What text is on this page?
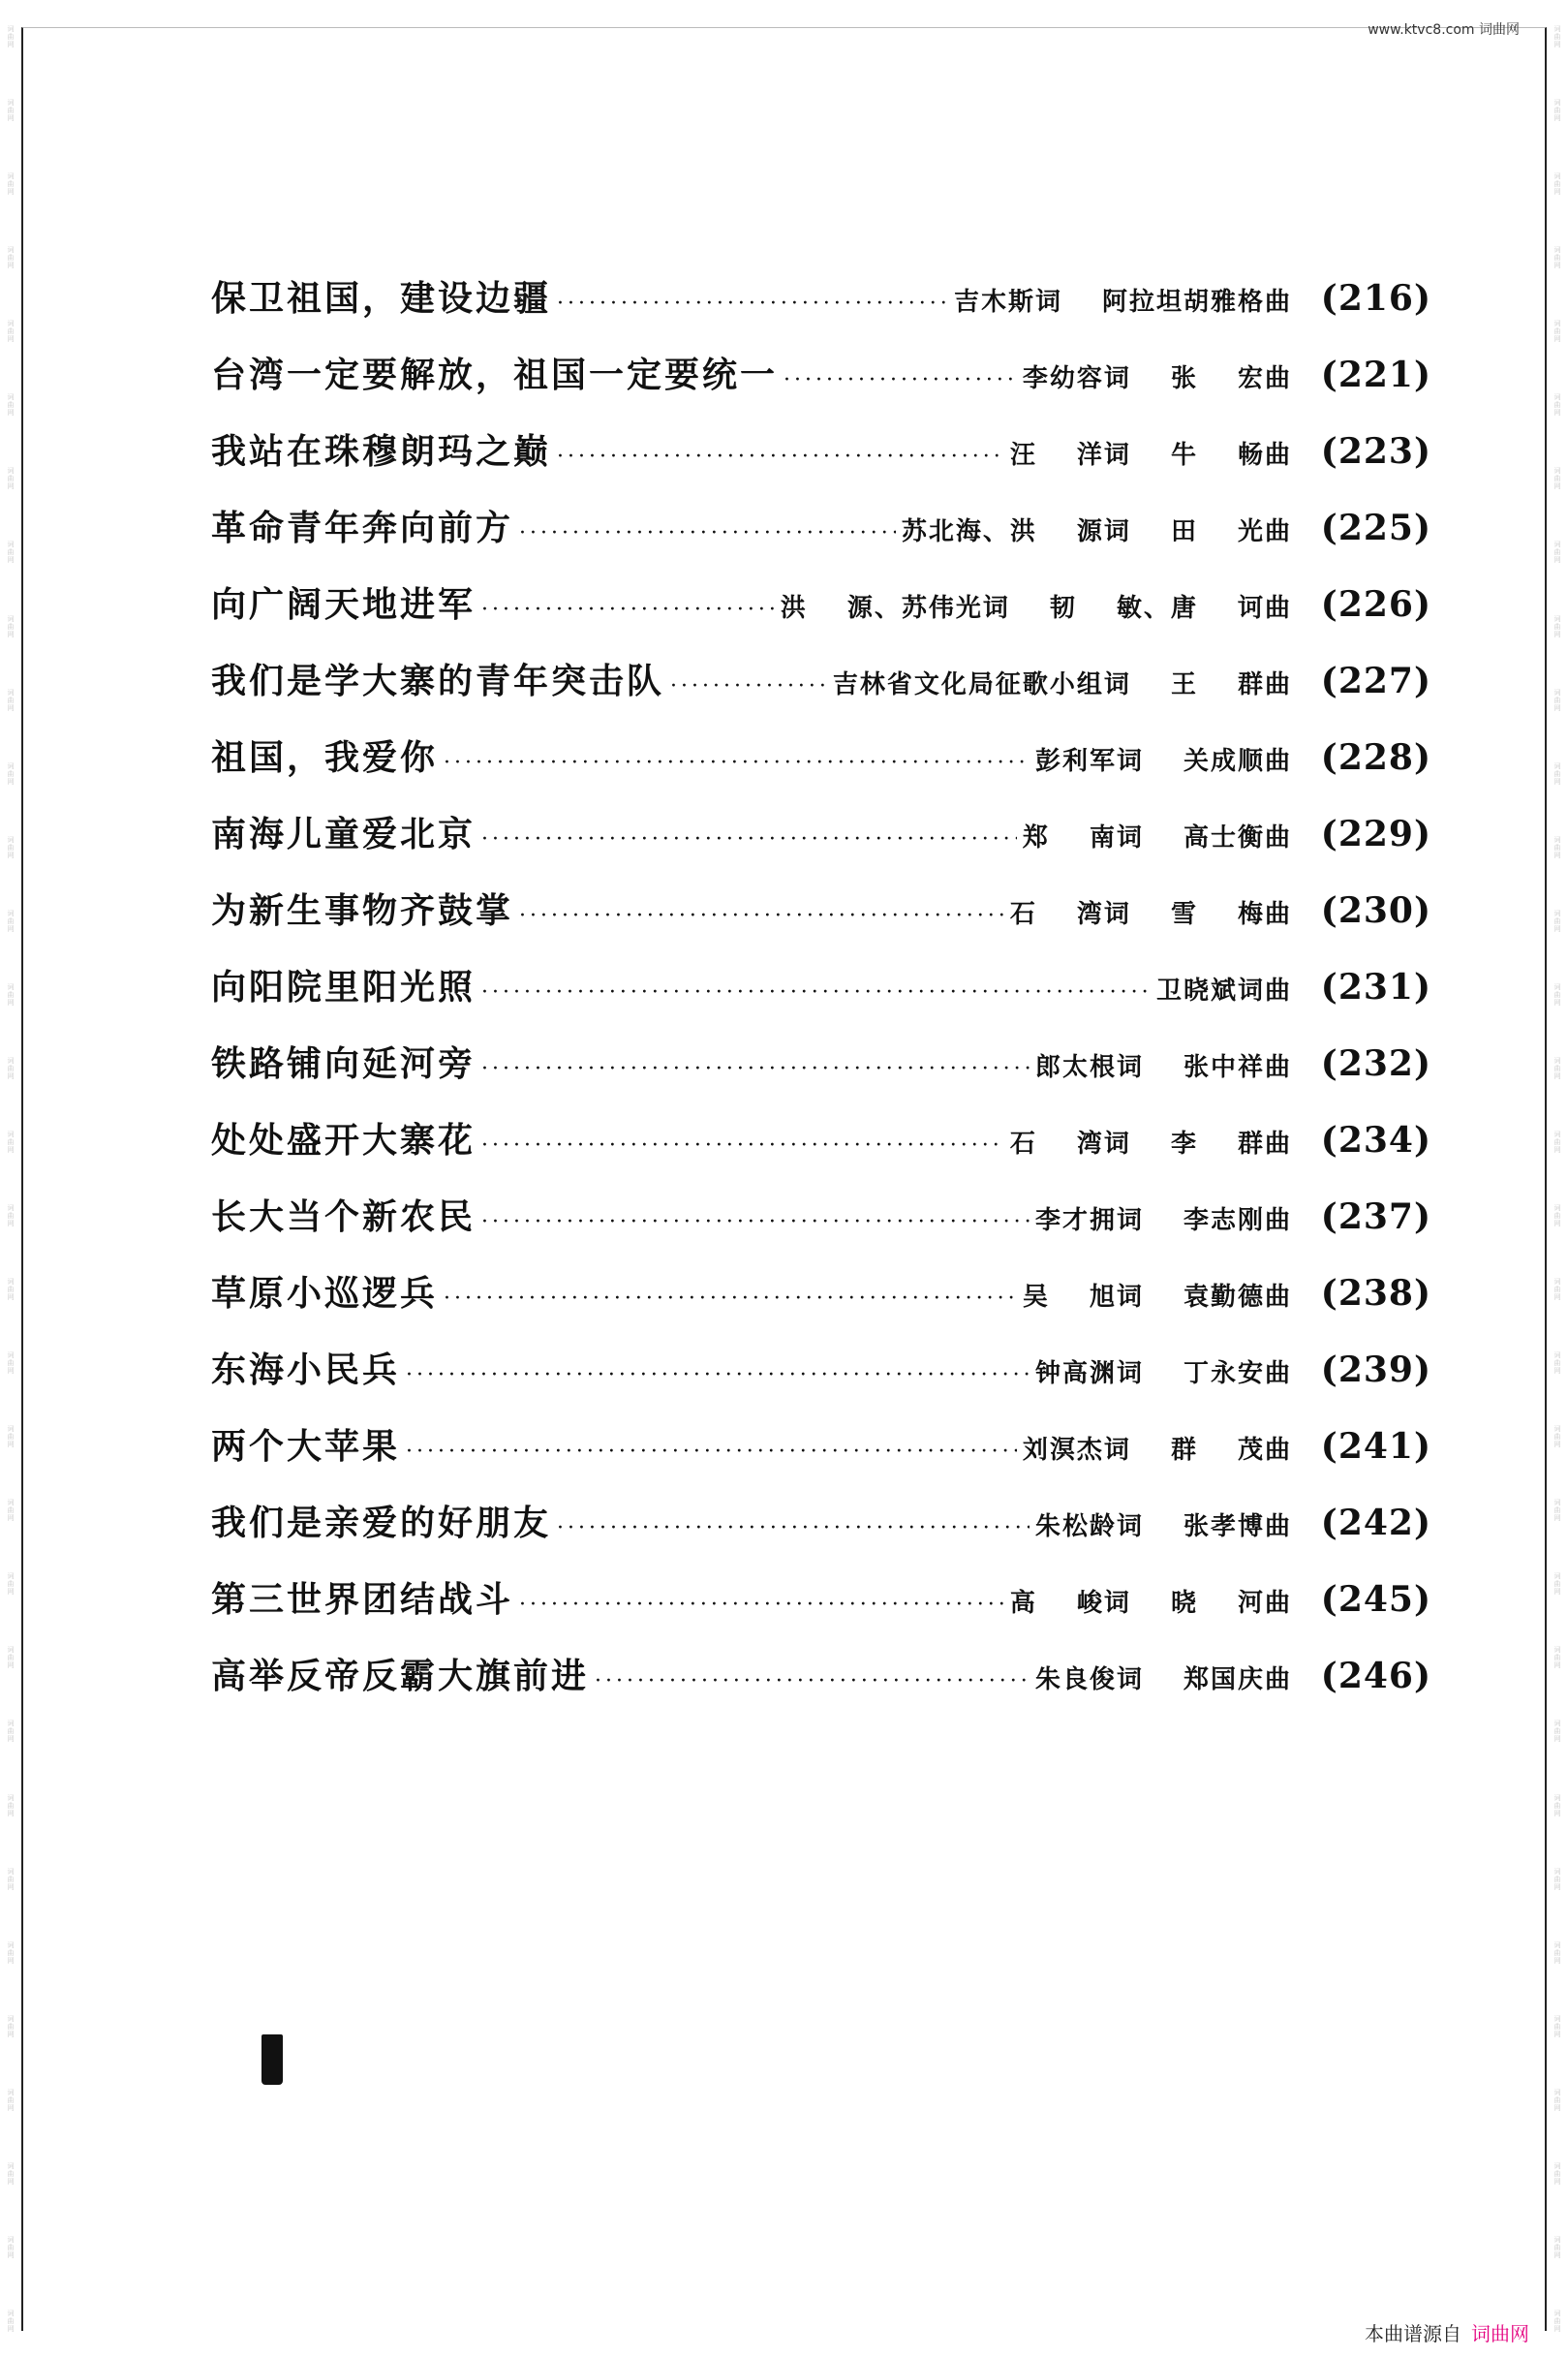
词曲网
词曲网
词曲网
词曲网
词曲网
词曲网
词曲网
词曲网
词曲网
词曲网
词曲网
词曲网
词曲网
词曲网
词曲网
词曲网
词曲网
词曲网
词曲网
词曲网
词曲网
词曲网
词曲网
词曲网
词曲网
词曲网
词曲网
词曲网
词曲网
词曲网
词曲网
词曲网
词曲网
词曲网
词曲网
词曲网
词曲网
词曲网
词曲网
词曲网
词曲网
词曲网
词曲网
词曲网
词曲网
词曲网
词曲网
词曲网
词曲网
词曲网
词曲网
词曲网
词曲网
词曲网
词曲网
词曲网
词曲网
词曲网
词曲网
词曲网
词曲网
词曲网
词曲网
词曲网
www.ktvc8.com 词曲网
保卫祖国，建设边疆 ·····	吉木斯词 阿拉坦胡雅格曲 (216)
台湾一定要解放，祖国一定要统一 ·····	李幼容词 张 宏曲 (221)
我站在珠穆朗玛之巅 ·····	汪 洋词 牛 畅曲 (223)
革命青年奔向前方 ·····	苏北海、洪 源词 田 光曲 (225)
向广阔天地进军 ·····	洪 源、苏伟光词 韧 敏、唐 诃曲 (226)
我们是学大寨的青年突击队 ·····	吉林省文化局征歌小组词 王 群曲 (227)
祖国，我爱你 ·····	彭利军词 关成顺曲 (228)
南海儿童爱北京 ·····	郑 南词 高士衡曲 (229)
为新生事物齐鼓掌 ·····	石 湾词 雪 梅曲 (230)
向阳院里阳光照 ·····	卫晓斌词曲 (231)
铁路铺向延河旁 ·····	郎太根词 张中祥曲 (232)
处处盛开大寨花 ·····	石 湾词 李 群曲 (234)
长大当个新农民 ·····	李才拥词 李志刚曲 (237)
草原小巡逻兵 ·····	吴 旭词 袁勤德曲 (238)
东海小民兵 ·····	钟高渊词 丁永安曲 (239)
两个大苹果 ·····	刘溟杰词 群 茂曲 (241)
我们是亲爱的好朋友 ·····	朱松龄词 张孝博曲 (242)
第三世界团结战斗 ·····	高 峻词 晓 河曲 (245)
高举反帝反霸大旗前进 ·····	朱良俊词 郑国庆曲 (246)
本曲谱源自 词曲网
